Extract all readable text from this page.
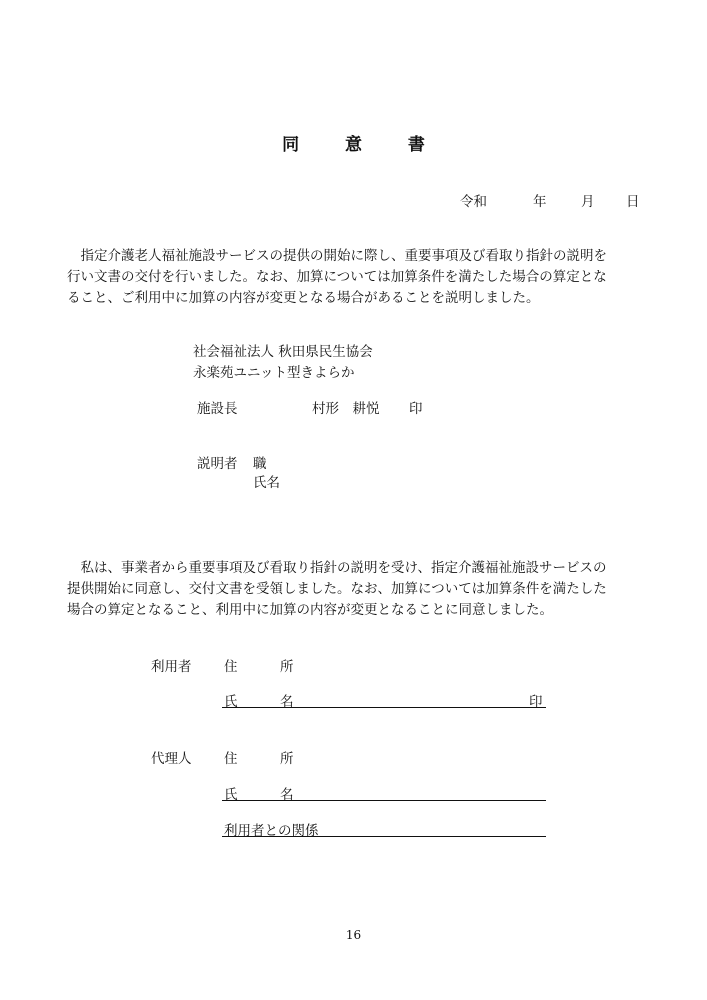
同	意	書
令和	年	月 日

　指定介護老人福祉施設サービスの提供の開始に際し、重要事項及び看取り指針の説明を

行い文書の交付を行いました。なお、加算については加算条件を満たした場合の算定とな

ること、ご利用中に加算の内容が変更となる場合があることを説明しました。

社会福祉法人 秋田県民生協会
永楽苑ユニット型きよらか
施設長	村形　耕悦 印
説明者 職
氏名

　私は、事業者から重要事項及び看取り指針の説明を受け、指定介護福祉施設サービスの

提供開始に同意し、交付文書を受領しました。なお、加算については加算条件を満たした

場合の算定となること、利用中に加算の内容が変更となることに同意しました。

利用者 住	所
氏	名	印
代理人 住	所
氏	名
利用者との関係
16
